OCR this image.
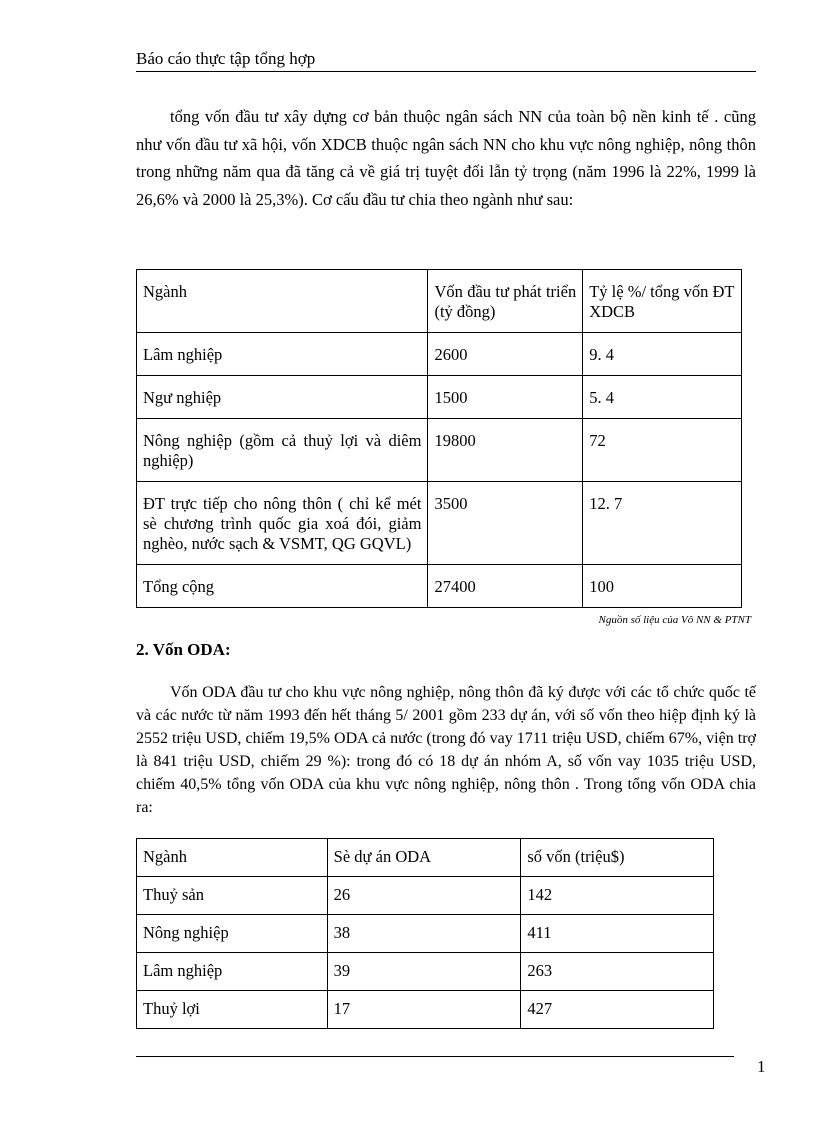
Báo cáo thực tập tổng hợp

tổng vốn đầu tư xây dựng cơ bản thuộc ngân sách NN của toàn bộ nền kinh tế . cũng như vốn đầu tư xã hội, vốn XDCB thuộc ngân sách NN cho khu vực nông nghiệp, nông thôn trong những năm qua đã tăng cả về giá trị tuyệt đối lẫn tỷ trọng (năm 1996 là 22%, 1999 là 26,6% và 2000 là 25,3%). Cơ cấu đầu tư chia theo ngành như sau:

Ngành	Vốn đầu tư phát triển (tỷ đồng)	Tỷ lệ %/ tổng vốn ĐT XDCB
Lâm nghiệp	2600	9. 4
Ngư nghiệp	1500	5. 4
Nông nghiệp (gồm cả thuỷ lợi và diêm nghiệp)	19800	72
ĐT trực tiếp cho nông thôn ( chỉ kể mét sè chương trình quốc gia xoá đói, giảm nghèo, nước sạch & VSMT, QG GQVL)	3500	12. 7
Tổng cộng	27400	100
Nguồn số liệu của Vô NN & PTNT
2. Vốn ODA:

Vốn ODA đầu tư cho khu vực nông nghiệp, nông thôn đã ký được với các tổ chức quốc tế và các nước từ năm 1993 đến hết tháng 5/ 2001 gồm 233 dự án, với số vốn theo hiệp định ký là 2552 triệu USD, chiếm 19,5% ODA cả nước (trong đó vay 1711 triệu USD, chiếm 67%, viện trợ là 841 triệu USD, chiếm 29 %): trong đó có 18 dự án nhóm A, số vốn vay 1035 triệu USD, chiếm 40,5% tổng vốn ODA của khu vực nông nghiệp, nông thôn . Trong tổng vốn ODA chia ra:

Ngành	Sè dự án ODA	số vốn (triệu$)
Thuỷ sản	26	142
Nông nghiệp	38	411
Lâm nghiệp	39	263
Thuỷ lợi	17	427
1
